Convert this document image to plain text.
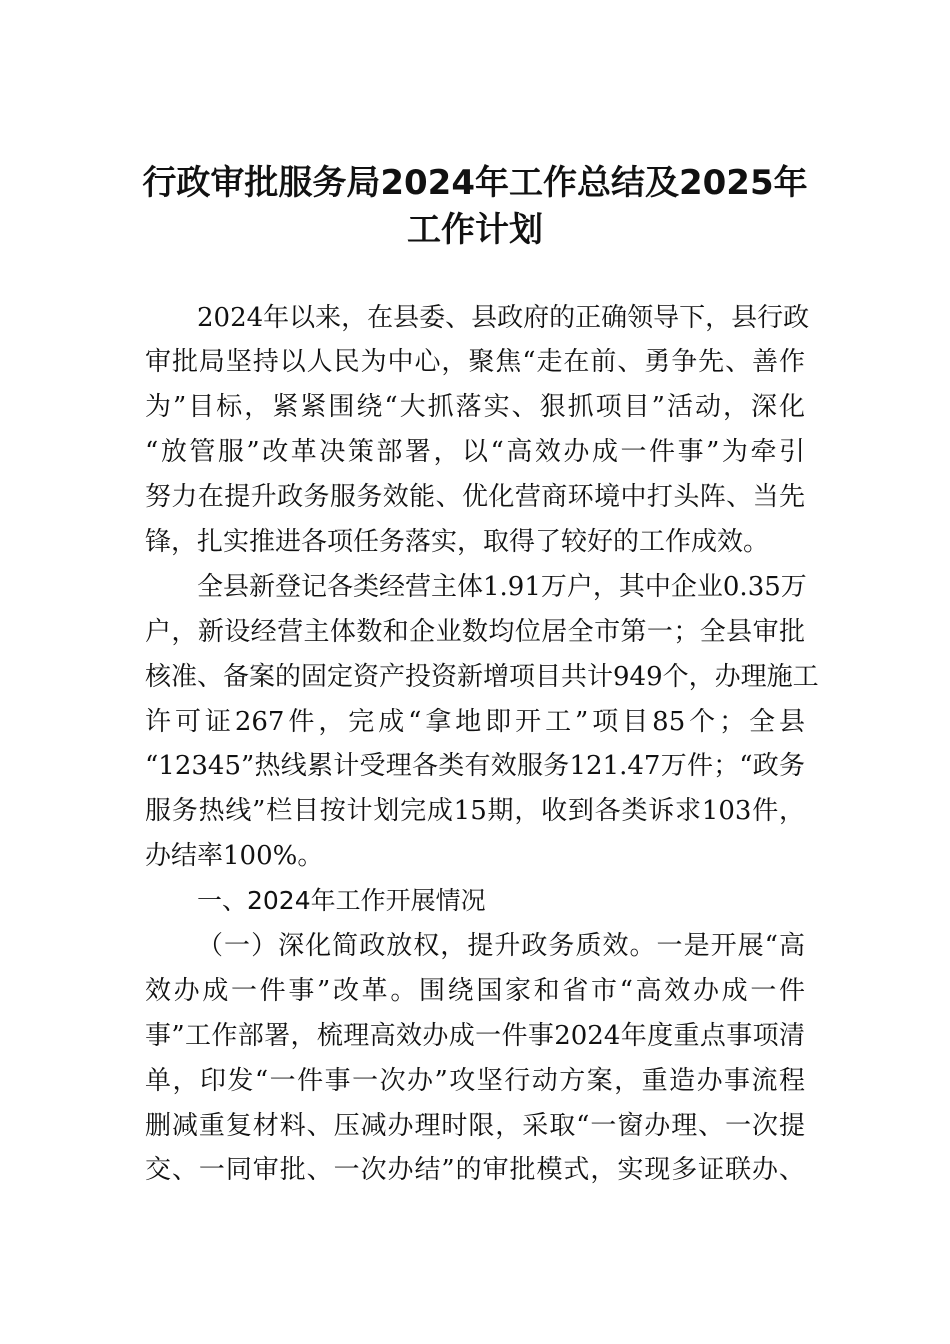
行政审批服务局2024年工作总结及2025年
工作计划
2024年以来，在县委、县政府的正确领导下，县行政
审批局坚持以人民为中心，聚焦“走在前、勇争先、善作
为”目标，紧紧围绕“大抓落实、狠抓项目”活动，深化
“放管服”改革决策部署，以“高效办成一件事”为牵引
努力在提升政务服务效能、优化营商环境中打头阵、当先
锋，扎实推进各项任务落实，取得了较好的工作成效。
全县新登记各类经营主体1.91万户，其中企业0.35万
户，新设经营主体数和企业数均位居全市第一；全县审批
核准、备案的固定资产投资新增项目共计949个，办理施工
许可证267件，完成“拿地即开工”项目85个；全县
“12345”热线累计受理各类有效服务121.47万件；“政务
服务热线”栏目按计划完成15期，收到各类诉求103件，
办结率100%。
一、2024年工作开展情况
（一）深化简政放权，提升政务质效。一是开展“高
效办成一件事”改革。围绕国家和省市“高效办成一件
事”工作部署，梳理高效办成一件事2024年度重点事项清
单，印发“一件事一次办”攻坚行动方案，重造办事流程
删减重复材料、压减办理时限，采取“一窗办理、一次提
交、一同审批、一次办结”的审批模式，实现多证联办、
